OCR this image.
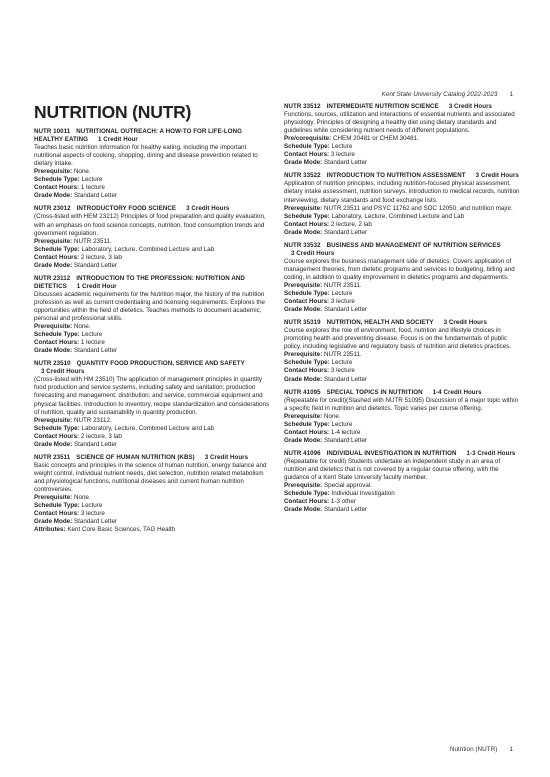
Kent State University Catalog 2022-2023 1
NUTRITION (NUTR)
NUTR 10011 NUTRITIONAL OUTREACH: A HOW-TO FOR LIFE-LONG HEALTHY EATING 1 Credit Hour
Teaches basic nutrition information for healthy eating, including the important nutritional aspects of cooking, shopping, dining and disease prevention related to dietary intake.
Prerequisite: None.
Schedule Type: Lecture
Contact Hours: 1 lecture
Grade Mode: Standard Letter
NUTR 23012 INTRODUCTORY FOOD SCIENCE 3 Credit Hours
(Cross-listed with HEM 23212) Principles of food preparation and quality evaluation, with an emphasis on food science concepts, nutrition, food consumption trends and government regulation.
Prerequisite: NUTR 23511.
Schedule Type: Laboratory, Lecture, Combined Lecture and Lab
Contact Hours: 2 lecture, 3 lab
Grade Mode: Standard Letter
NUTR 23112 INTRODUCTION TO THE PROFESSION: NUTRITION AND DIETETICS 1 Credit Hour
Discusses academic requirements for the Nutrition major, the history of the nutrition profession as well as current credentialing and licensing requirements. Explores the opportunities within the field of dietetics. Teaches methods to document academic, personal and professional skills.
Prerequisite: None.
Schedule Type: Lecture
Contact Hours: 1 lecture
Grade Mode: Standard Letter
NUTR 23510 QUANTITY FOOD PRODUCTION, SERVICE AND SAFETY
3 Credit Hours
(Cross-listed with HM 23510) The application of management principles in quantity food production and service systems, including safety and sanitation; production forecasting and management; distribution; and service, commercial equipment and physical facilities. Introduction to inventory, recipe standardization and considerations of nutrition, quality and sustainability in quantity production.
Prerequisite: NUTR 23112.
Schedule Type: Laboratory, Lecture, Combined Lecture and Lab
Contact Hours: 2 lecture, 3 lab
Grade Mode: Standard Letter
NUTR 23511 SCIENCE OF HUMAN NUTRITION (KBS) 3 Credit Hours
Basic concepts and principles in the science of human nutrition, energy balance and weight control, individual nutrient needs, diet selection, nutrition related metabolism and physiological functions, nutritional diseases and current human nutrition controversies.
Prerequisite: None.
Schedule Type: Lecture
Contact Hours: 3 lecture
Grade Mode: Standard Letter
Attributes: Kent Core Basic Sciences, TAG Health
NUTR 33512 INTERMEDIATE NUTRITION SCIENCE 3 Credit Hours
Functions, sources, utilization and interactions of essential nutrients and associated physiology. Principles of designing a healthy diet using dietary standards and guidelines while considering nutrient needs of different populations.
Pre/corequisite: CHEM 20481 or CHEM 30481.
Schedule Type: Lecture
Contact Hours: 3 lecture
Grade Mode: Standard Letter
NUTR 33522 INTRODUCTION TO NUTRITION ASSESSMENT 3 Credit Hours
Application of nutrition principles, including nutrition-focused physical assessment, dietary intake assessment, nutrition surveys, introduction to medical records, nutrition interviewing, dietary standards and food exchange lists.
Prerequisite: NUTR 23511 and PSYC 11762 and SOC 12050; and nutrition major.
Schedule Type: Laboratory, Lecture, Combined Lecture and Lab
Contact Hours: 2 lecture, 2 lab
Grade Mode: Standard Letter
NUTR 33532 BUSINESS AND MANAGEMENT OF NUTRITION SERVICES
3 Credit Hours
Course explores the business management side of dietetics. Covers application of management theories, from dietetic programs and services to budgeting, billing and coding, in addition to quality improvement in dietetics programs and departments.
Prerequisite: NUTR 23511.
Schedule Type: Lecture
Contact Hours: 3 lecture
Grade Mode: Standard Letter
NUTR 35319 NUTRITION, HEALTH AND SOCIETY 3 Credit Hours
Course explores the role of environment, food, nutrition and lifestyle choices in promoting health and preventing disease. Focus is on the fundamentals of public policy, including legislative and regulatory basis of nutrition and dietetics practices.
Prerequisite: NUTR 23511.
Schedule Type: Lecture
Contact Hours: 3 lecture
Grade Mode: Standard Letter
NUTR 41095 SPECIAL TOPICS IN NUTRITION 1-4 Credit Hours
(Repeatable for credit)(Slashed with NUTR 51095) Discussion of a major topic within a specific field in nutrition and dietetics. Topic varies per course offering.
Prerequisite: None.
Schedule Type: Lecture
Contact Hours: 1-4 lecture
Grade Mode: Standard Letter
NUTR 41096 INDIVIDUAL INVESTIGATION IN NUTRITION 1-3 Credit Hours
(Repeatable for credit) Students undertake an independent study in an area of nutrition and dietetics that is not covered by a regular course offering, with the guidance of a Kent State University faculty member.
Prerequisite: Special approval.
Schedule Type: Individual Investigation
Contact Hours: 1-3 other
Grade Mode: Standard Letter
Nutrition (NUTR) 1
